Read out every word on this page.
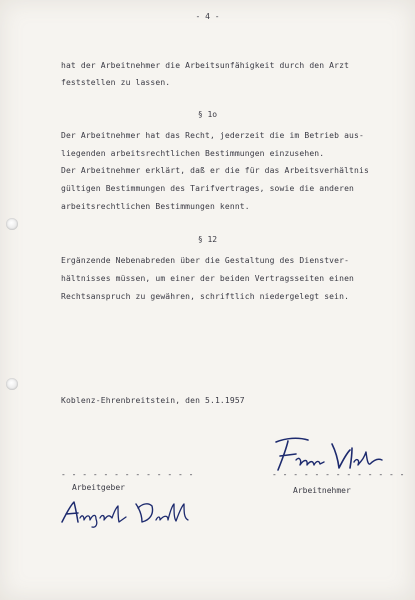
- 4 -
hat der Arbeitnehmer die Arbeitsunfähigkeit durch den Arzt
feststellen zu lassen.
§ 1o
Der Arbeitnehmer hat das Recht, jederzeit die im Betrieb aus-
liegenden arbeitsrechtlichen Bestimmungen einzusehen.
Der Arbeitnehmer erklärt, daß er die für das Arbeitsverhältnis
gültigen Bestimmungen des Tarifvertrages, sowie die anderen
arbeitsrechtlichen Bestimmungen kennt.
§ 12
Ergänzende Nebenabreden über die Gestaltung des Dienstver-
hältnisses müssen, um einer der beiden Vertragsseiten einen
Rechtsanspruch zu gewähren, schriftlich niedergelegt sein.
Koblenz-Ehrenbreitstein, den 5.1.1957
- - - - - - - - - - - - -	- - - - - - - - - - - - -
Arbeitgeber	Arbeitnehmer
